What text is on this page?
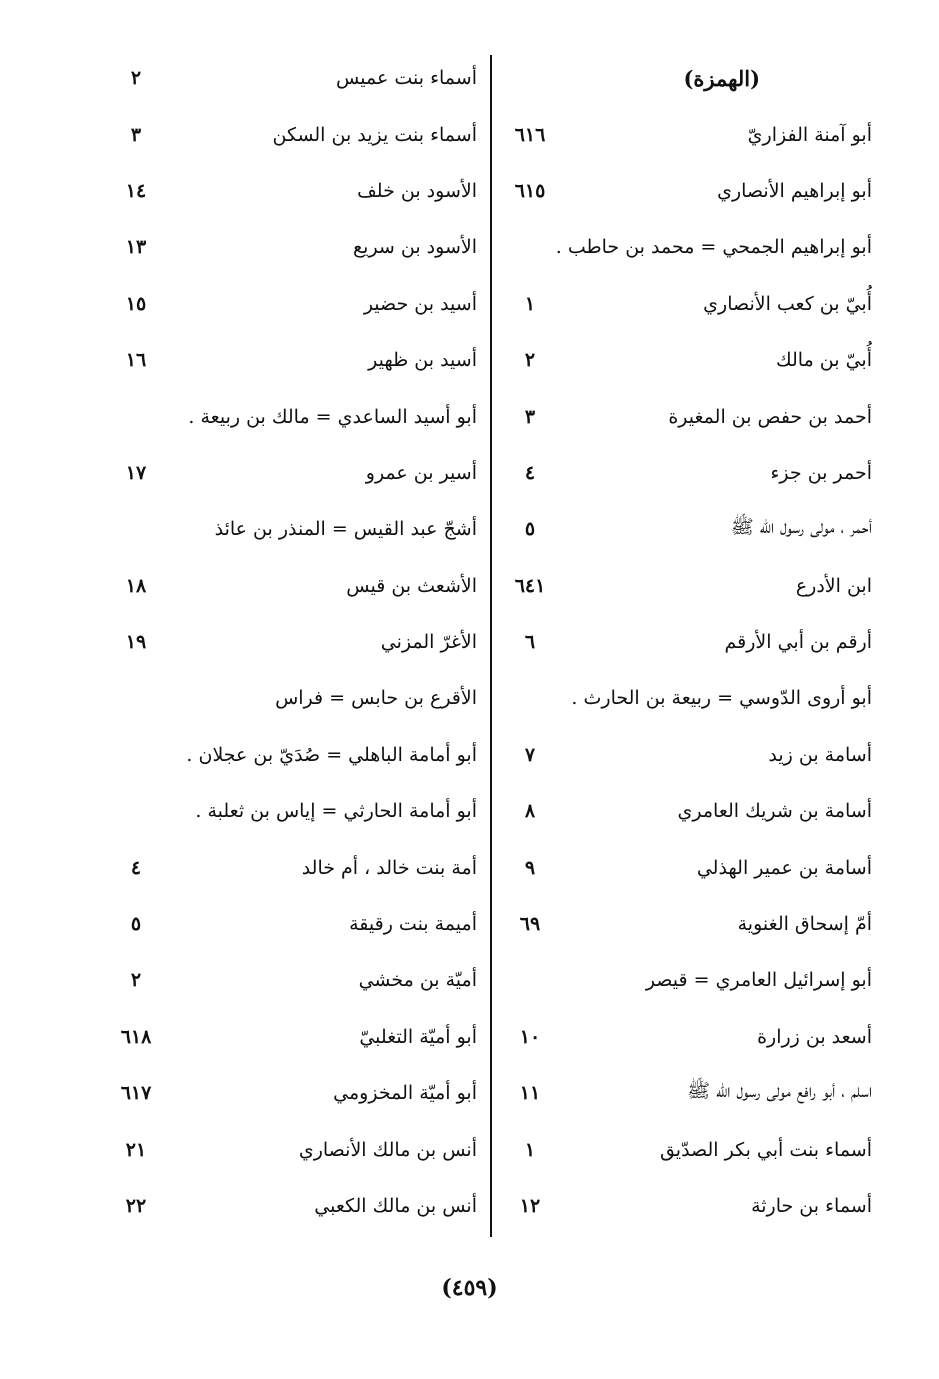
(الهمزة)
أبو آمنة الفزاريّ
٦١٦
أبو إبراهيم الأنصاري
٦١٥
أبو إبراهيم الجمحي = محمد بن حاطب .
أُبيّ بن كعب الأنصاري
١
أُبيّ بن مالك
٢
أحمد بن حفص بن المغيرة
٣
أحمر بن جزء
٤
أحمر ، مولى رسول الله ﷺ
٥
ابن الأدرع
٦٤١
أرقم بن أبي الأرقم
٦
أبو أروى الدّوسي = ربيعة بن الحارث .
أسامة بن زيد
٧
أسامة بن شريك العامري
٨
أسامة بن عمير الهذلي
٩
أمّ إسحاق الغنوية
٦٩
أبو إسرائيل العامري = قيصر
أسعد بن زرارة
١٠
اسلم ، أبو رافع مولى رسول الله ﷺ
١١
أسماء بنت أبي بكر الصدّيق
١
أسماء بن حارثة
١٢
أسماء بنت عميس
٢
أسماء بنت يزيد بن السكن
٣
الأسود بن خلف
١٤
الأسود بن سريع
١٣
أسيد بن حضير
١٥
أسيد بن ظهير
١٦
أبو أسيد الساعدي = مالك بن ربيعة .
أسير بن عمرو
١٧
أشجّ عبد القيس = المنذر بن عائذ
الأشعث بن قيس
١٨
الأغرّ المزني
١٩
الأقرع بن حابس = فراس
أبو أمامة الباهلي = صُدَيّ بن عجلان .
أبو أمامة الحارثي = إياس بن ثعلبة .
أمة بنت خالد ، أم خالد
٤
أميمة بنت رقيقة
٥
أميّة بن مخشي
٢
أبو أميّة التغلبيّ
٦١٨
أبو أميّة المخزومي
٦١٧
أنس بن مالك الأنصاري
٢١
أنس بن مالك الكعبي
٢٢
(٤٥٩)
